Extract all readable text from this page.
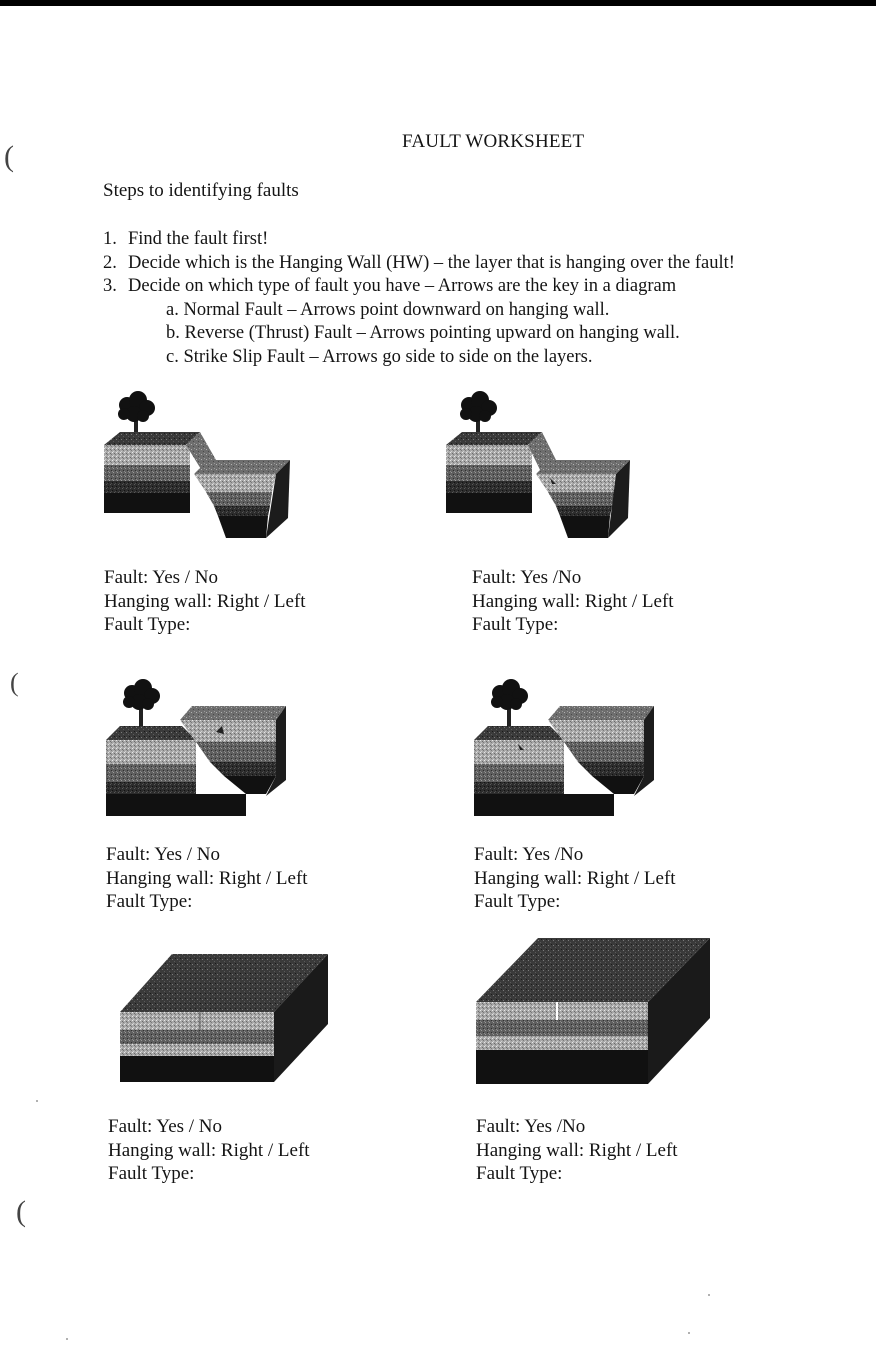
(
(
(
FAULT WORKSHEET
Steps to identifying faults
1. Find the fault first!
2. Decide which is the Hanging Wall (HW) – the layer that is hanging over the fault!
3. Decide on which type of fault you have – Arrows are the key in a diagram
a. Normal Fault – Arrows point downward on hanging wall.
b. Reverse (Thrust) Fault – Arrows pointing upward on hanging wall.
c. Strike Slip Fault – Arrows go side to side on the layers.
Fault: Yes / No
Hanging wall: Right / Left
Fault Type:
Fault: Yes /No
Hanging wall: Right / Left
Fault Type:
Fault: Yes / No
Hanging wall: Right / Left
Fault Type:
Fault: Yes /No
Hanging wall: Right / Left
Fault Type:
Fault: Yes / No
Hanging wall: Right / Left
Fault Type:
Fault: Yes /No
Hanging wall: Right / Left
Fault Type:
